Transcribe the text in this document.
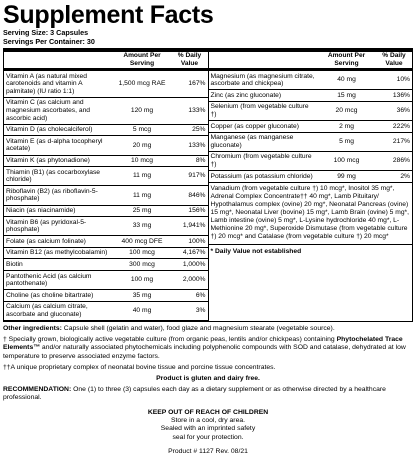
Supplement Facts
Serving Size: 3 Capsules
Servings Per Container: 30
Amount Per Serving
% Daily Value
Vitamin A (as natural mixed carotenoids and vitamin A palmitate) (IU ratio 1:1)
1,500 mcg RAE	167%
Vitamin C (as calcium and magnesium ascorbates, and ascorbic acid)
120 mg	133%
Vitamin D (as cholecalciferol)	5 mcg	25%
Vitamin E (as d-alpha tocopheryl acetate)
20 mg	133%
Vitamin K (as phytonadione)	10 mcg	8%
Thiamin (B1) (as cocarboxylase chloride)
11 mg	917%
Riboflavin (B2) (as riboflavin-5-phosphate)
11 mg	846%
Niacin (as niacinamide)	25 mg	156%
Vitamin B6 (as pyridoxal-5-phosphate)
33 mg	1,941%
Folate (as calcium folinate)	400 mcg DFE	100%
Vitamin B12 (as methylcobalamin)	100 mcg	4,167%
Biotin	300 mcg	1,000%
Pantothenic Acid (as calcium pantothenate)
100 mg	2,000%
Choline (as choline bitartrate)	35 mg	6%
Calcium (as calcium citrate, ascorbate and gluconate)
40 mg	3%
Amount Per Serving
% Daily Value
Magnesium (as magnesium citrate, ascorbate and chickpea)
40 mg	10%
Zinc (as zinc gluconate)	15 mg	136%
Selenium (from vegetable culture †)
20 mcg	36%
Copper (as copper gluconate)	2 mg	222%
Manganese (as manganese gluconate)
5 mg	217%
Chromium (from vegetable culture †)
100 mcg	286%
Potassium (as potassium chloride)	99 mg	2%
Vanadium (from vegetable culture †) 10 mcg*, Inositol 35 mg*, Adrenal Complex Concentrate†† 40 mg*, Lamb Pituitary/ Hypothalamus complex (ovine) 20 mg*, Neonatal Pancreas (ovine) 15 mg*, Neonatal Liver (bovine) 15 mg*, Lamb Brain (ovine) 5 mg*, Lamb intestine (ovine) 5 mg*, L-Lysine hydrochloride 40 mg*, L-Methionine 20 mg*, Superoxide Dismutase (from vegetable culture †) 20 mcg* and Catalase (from vegetable culture †) 20 mcg*
* Daily Value not established

Other ingredients: Capsule shell (gelatin and water), food glaze and magnesium stearate (vegetable source).

† Specially grown, biologically active vegetable culture (from organic peas, lentils and/or chickpeas) containing Phytochelated Trace Elements™ and/or naturally associated phytochemicals including polyphenolic compounds with SOD and catalase, dehydrated at low temperature to preserve associated enzyme factors.

††A unique proprietary complex of neonatal bovine tissue and porcine tissue concentrates.

Product is gluten and dairy free.

RECOMMENDATION: One (1) to three (3) capsules each day as a dietary supplement or as otherwise directed by a healthcare professional.

KEEP OUT OF REACH OF CHILDREN
Store in a cool, dry area.
Sealed with an imprinted safety
seal for your protection.
Product # 1127 Rev. 08/21
